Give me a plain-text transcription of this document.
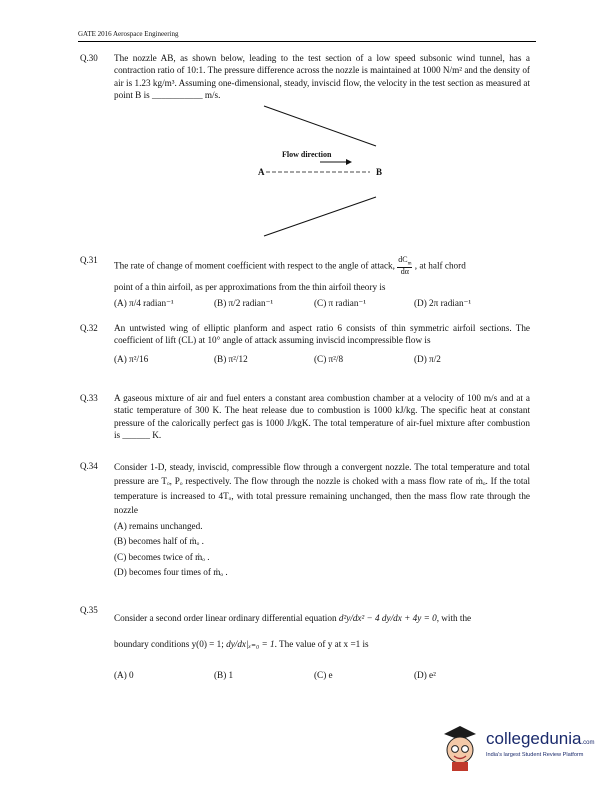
GATE 2016 Aerospace Engineering
Q.30 The nozzle AB, as shown below, leading to the test section of a low speed subsonic wind tunnel, has a contraction ratio of 10:1. The pressure difference across the nozzle is maintained at 1000 N/m² and the density of air is 1.23 kg/m³. Assuming one-dimensional, steady, inviscid flow, the velocity in the test section as measured at point B is ___________ m/s.
Flow direction
A	B
Q.31
The rate of change of moment coefficient with respect to the angle of attack, $\frac{dC_m}{d\alpha}$ , at half chord
point of a thin airfoil, as per approximations from the thin airfoil theory is
(A) π/4 radian⁻¹	(B) π/2 radian⁻¹	(C) π radian⁻¹	(D) 2π radian⁻¹
Q.32 An untwisted wing of elliptic planform and aspect ratio 6 consists of thin symmetric airfoil sections. The coefficient of lift (CL) at 10° angle of attack assuming inviscid incompressible flow is
(A) π²/16	(B) π²/12	(C) π²/8	(D) π/2
Q.33 A gaseous mixture of air and fuel enters a constant area combustion chamber at a velocity of 100 m/s and at a static temperature of 300 K. The heat release due to combustion is 1000 kJ/kg. The specific heat at constant pressure of the calorically perfect gas is 1000 J/kgK. The total temperature of air-fuel mixture after combustion is ______ K.
Q.34 Consider 1-D, steady, inviscid, compressible flow through a convergent nozzle. The total temperature and total pressure are Tₒ, Pₒ respectively. The flow through the nozzle is choked with a mass flow rate of ṁₒ. If the total temperature is increased to 4Tₒ, with total pressure remaining unchanged, then the mass flow rate through the nozzle
(A) remains unchanged.
(B) becomes half of ṁₒ .
(C) becomes twice of ṁₒ .
(D) becomes four times of ṁₒ .
Q.35
Consider a second order linear ordinary differential equation d²y/dx² − 4 dy/dx + 4y = 0, with the
boundary conditions y(0) = 1; dy/dx|ₓ₌₀ = 1. The value of y at x =1 is
(A) 0	(B) 1	(C) e	(D) e²
collegedunia.com
India's largest Student Review Platform
